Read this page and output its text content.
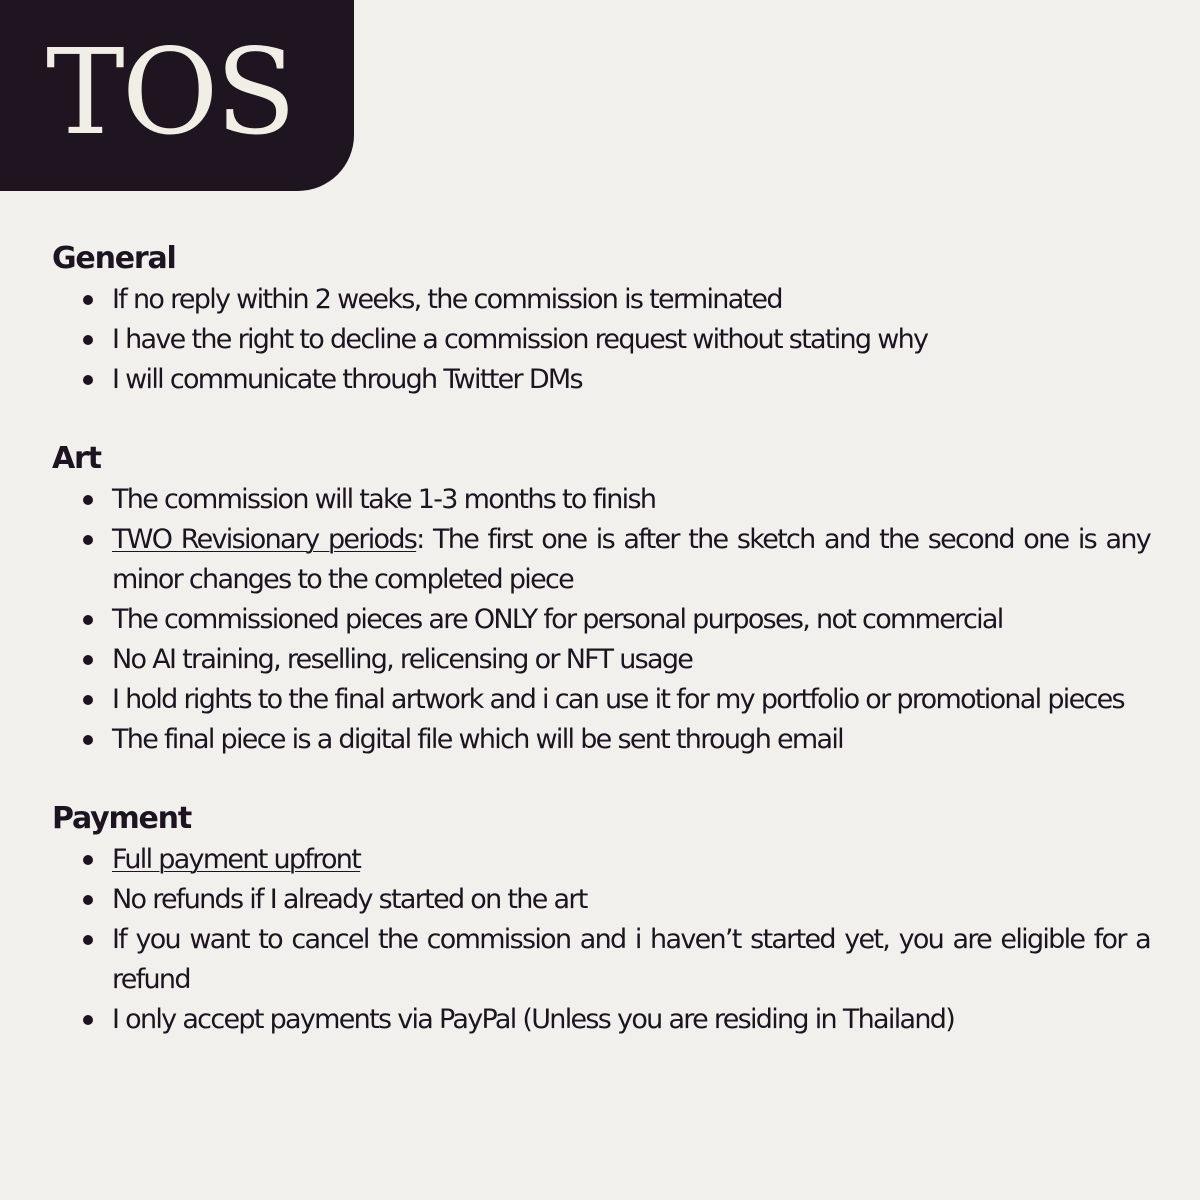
TOS
General
If no reply within 2 weeks, the commission is terminated
I have the right to decline a commission request without stating why
I will communicate through Twitter DMs
Art
The commission will take 1-3 months to finish
TWO Revisionary periods: The first one is after the sketch and the second one is any minor changes to the completed piece
The commissioned pieces are ONLY for personal purposes, not commercial
No AI training, reselling, relicensing or NFT usage
I hold rights to the final artwork and i can use it for my portfolio or promotional pieces
The final piece is a digital file which will be sent through email
Payment
Full payment upfront
No refunds if I already started on the art
If you want to cancel the commission and i haven’t started yet, you are eligible for a refund
I only accept payments via PayPal (Unless you are residing in Thailand)
